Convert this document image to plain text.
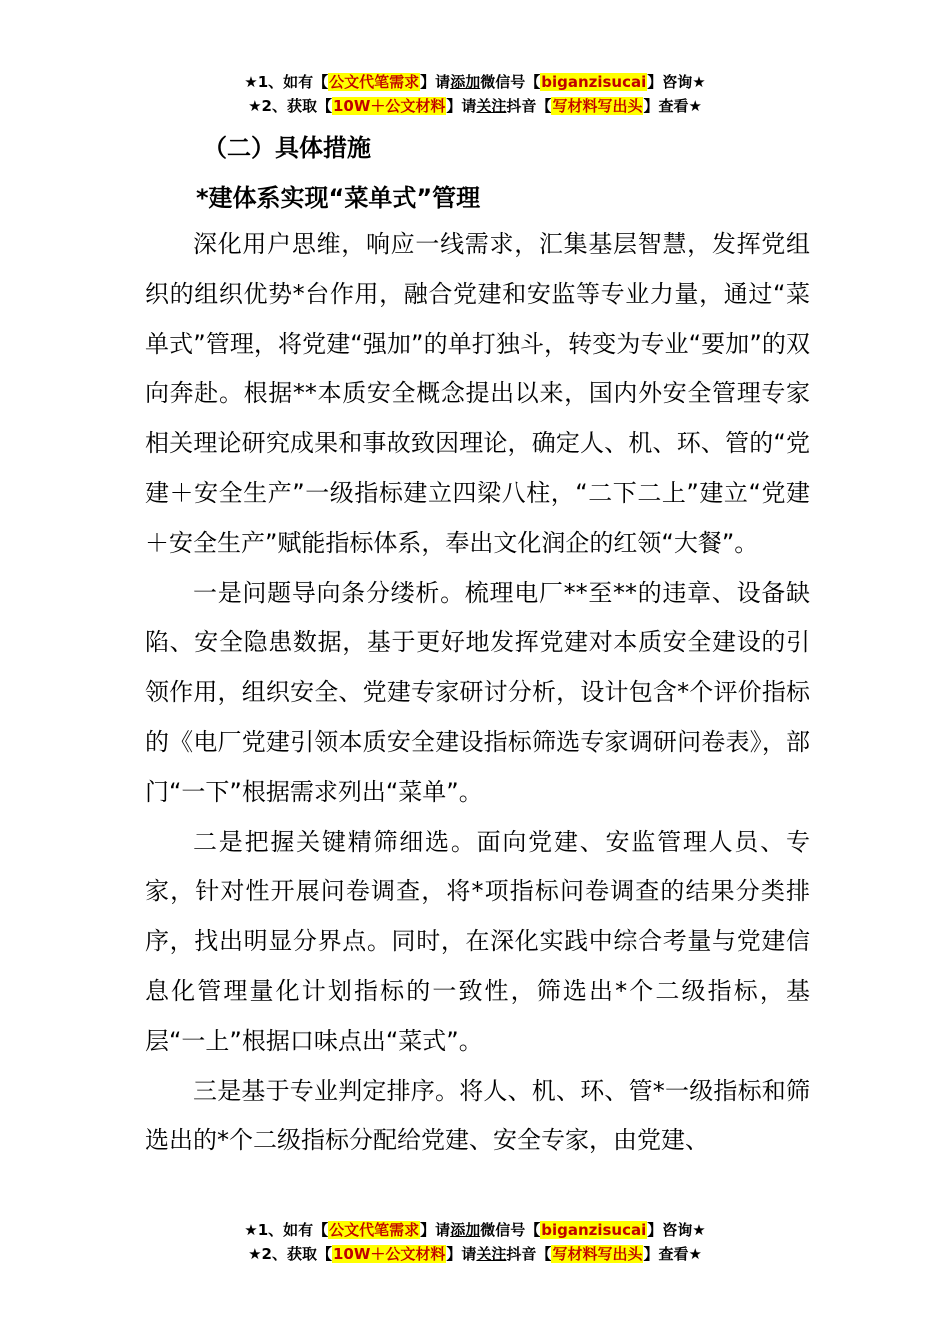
★1、如有【公文代笔需求】请添加微信号【biganzisucai】咨询★
★2、获取【10W＋公文材料】请关注抖音【写材料写出头】查看★
（二）具体措施
*建体系实现“菜单式”管理

深化用户思维，响应一线需求，汇集基层智慧，发挥党组织的组织优势*台作用，融合党建和安监等专业力量，通过“菜单式”管理，将党建“强加”的单打独斗，转变为专业“要加”的双向奔赴。根据**本质安全概念提出以来，国内外安全管理专家相关理论研究成果和事故致因理论，确定人、机、环、管的“党建＋安全生产”一级指标建立四梁八柱，“二下二上”建立“党建＋安全生产”赋能指标体系，奉出文化润企的红领“大餐”。

一是问题导向条分缕析。梳理电厂**至**的违章、设备缺陷、安全隐患数据，基于更好地发挥党建对本质安全建设的引领作用，组织安全、党建专家研讨分析，设计包含*个评价指标的《电厂党建引领本质安全建设指标筛选专家调研问卷表》，部门“一下”根据需求列出“菜单”。

二是把握关键精筛细选。面向党建、安监管理人员、专家，针对性开展问卷调查，将*项指标问卷调查的结果分类排序，找出明显分界点。同时，在深化实践中综合考量与党建信息化管理量化计划指标的一致性，筛选出*个二级指标，基层“一上”根据口味点出“菜式”。

三是基于专业判定排序。将人、机、环、管*一级指标和筛选出的*个二级指标分配给党建、安全专家，由党建、

★1、如有【公文代笔需求】请添加微信号【biganzisucai】咨询★
★2、获取【10W＋公文材料】请关注抖音【写材料写出头】查看★
